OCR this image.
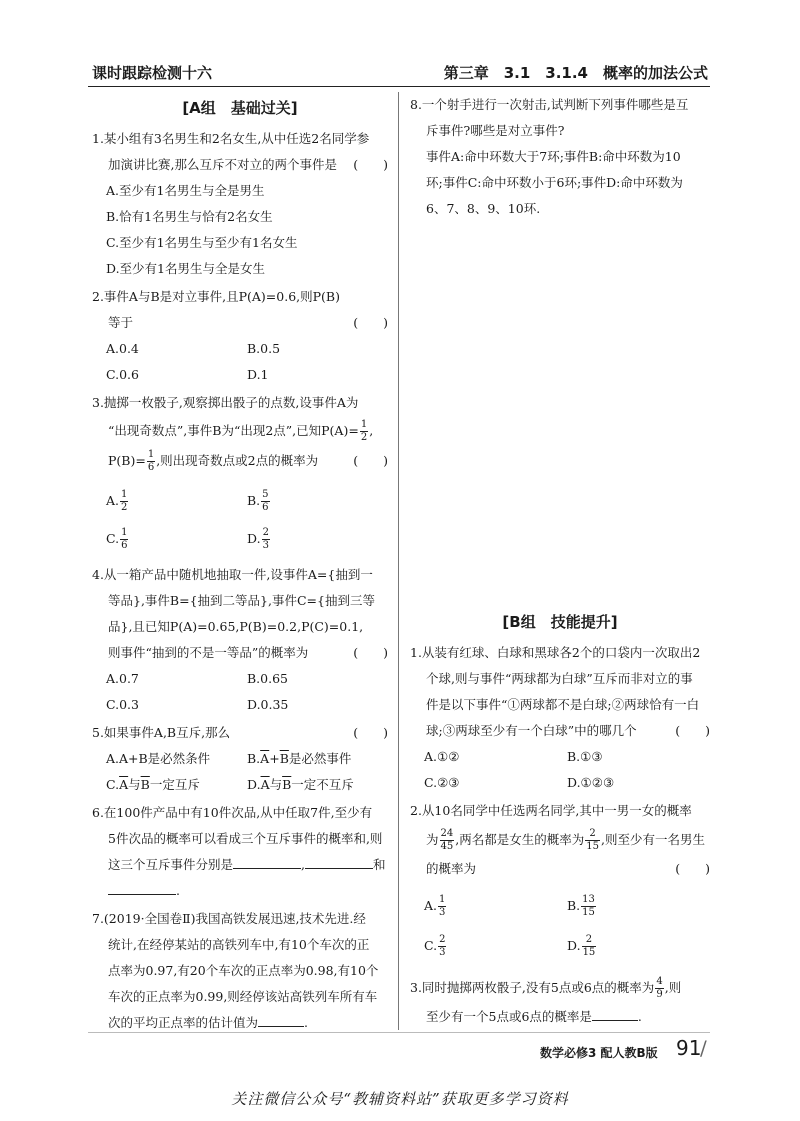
课时跟踪检测十六	第三章　3.1　3.1.4　概率的加法公式
[A组　基础过关]
1.某小组有3名男生和2名女生,从中任选2名同学参
加演讲比赛,那么互斥不对立的两个事件是 (　　)
A.至少有1名男生与全是男生
B.恰有1名男生与恰有2名女生
C.至少有1名男生与至少有1名女生
D.至少有1名男生与全是女生
2.事件A与B是对立事件,且P(A)=0.6,则P(B)
等于	(　　)
A.0.4	B.0.5
C.0.6	D.1
3.抛掷一枚骰子,观察掷出骰子的点数,设事件A为
“出现奇数点”,事件B为“出现2点”,已知$P(A)= \frac{1}{2}$ ,
$P(B)= \frac{1}{6}$ ,则出现奇数点或2点的概率为	(　　)
A. $\frac{1}{2}$	B. $\frac{5}{6}$
C. $\frac{1}{6}$	D. $\frac{2}{3}$
4.从一箱产品中随机地抽取一件,设事件A={抽到一
等品},事件B={抽到二等品},事件C={抽到三等
品},且已知P(A)=0.65,P(B)=0.2,P(C)=0.1,
则事件“抽到的不是一等品”的概率为	(　　)
A.0.7	B.0.65
C.0.3	D.0.35
5.如果事件A,B互斥,那么	(　　)
A.A+B是必然条件	$B.\overline{A}+\overline{B}$是必然事件
$C.\overline{A}$与$\overline{B}$一定互斥	$D.\overline{A}$与$\overline{B}$一定不互斥
6.在100件产品中有10件次品,从中任取7件,至少有
5件次品的概率可以看成三个互斥事件的概率和,则
这三个互斥事件分别是	,	和
.
7.(2019·全国卷Ⅱ)我国高铁发展迅速,技术先进.经
统计,在经停某站的高铁列车中,有10个车次的正
点率为0.97,有20个车次的正点率为0.98,有10个
车次的正点率为0.99,则经停该站高铁列车所有车
次的平均正点率的估计值为	.
8.一个射手进行一次射击,试判断下列事件哪些是互
斥事件?哪些是对立事件?
事件A:命中环数大于7环;事件B:命中环数为10
环;事件C:命中环数小于6环;事件D:命中环数为
6、7、8、9、10环.
[B组　技能提升]
1.从装有红球、白球和黑球各2个的口袋内一次取出2
个球,则与事件“两球都为白球”互斥而非对立的事
件是以下事件“①两球都不是白球;②两球恰有一白
球;③两球至少有一个白球”中的哪几个	(　　)
A.①②	B.①③
C.②③	D.①②③
2.从10名同学中任选两名同学,其中一男一女的概率
为 $\frac{24}{45}$ ,两名都是女生的概率为 $\frac{2}{15}$ ,则至少有一名男生
的概率为	(　　)
A. $\frac{1}{3}$	B. $\frac{13}{15}$
C. $\frac{2}{3}$	D. $\frac{2}{15}$
3.同时抛掷两枚骰子,没有5点或6点的概率为 $\frac{4}{9}$ ,则
至少有一个5点或6点的概率是	.
数学必修3 配人教B版 91
/
关注微信公众号“教辅资料站”获取更多学习资料
